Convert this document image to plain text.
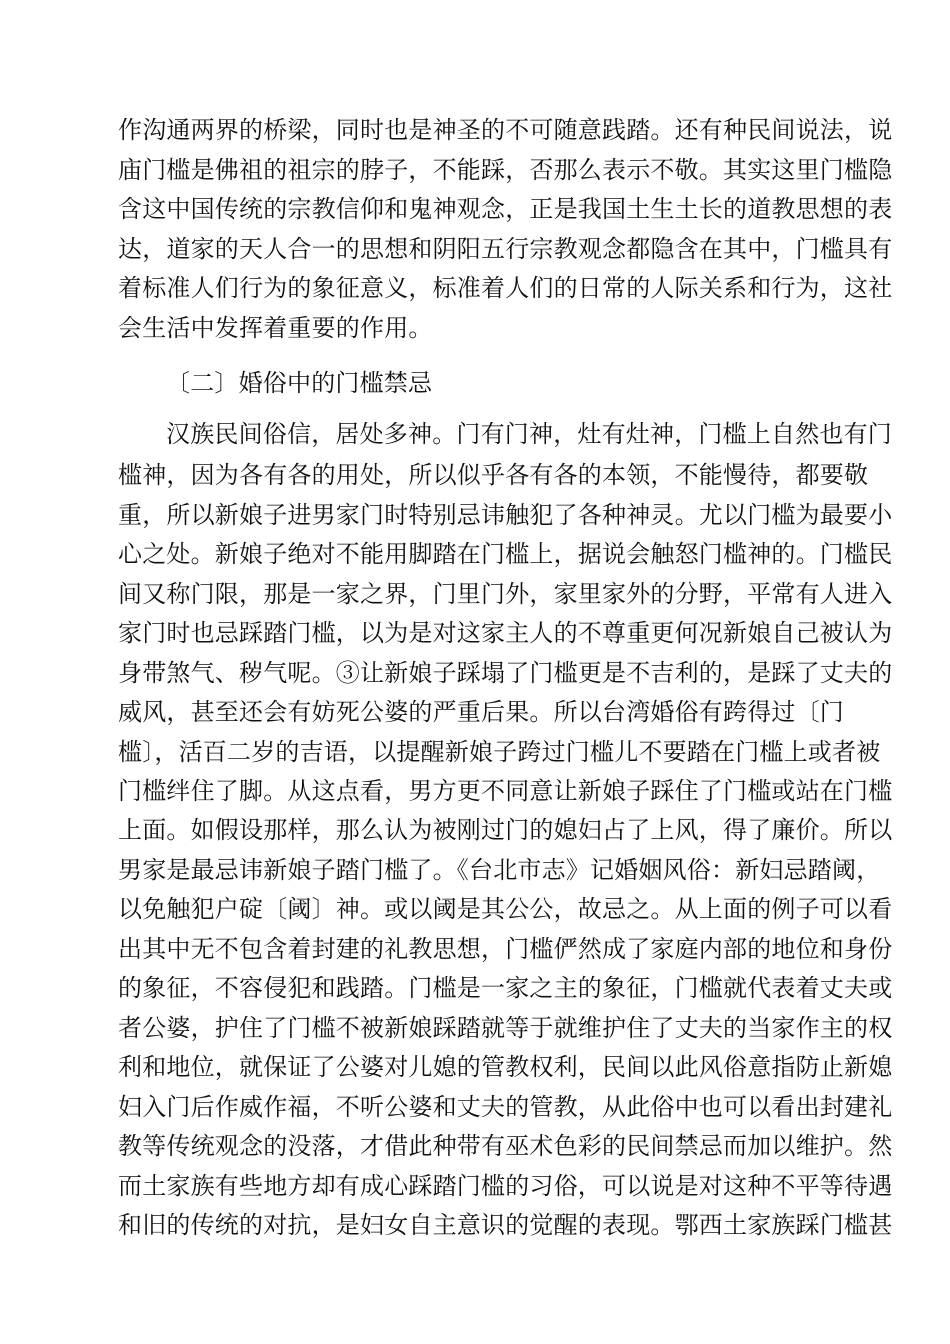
作沟通两界的桥梁，同时也是神圣的不可随意践踏。还有种民间说法，说
庙门槛是佛祖的祖宗的脖子，不能踩，否那么表示不敬。其实这里门槛隐
含这中国传统的宗教信仰和鬼神观念，正是我国土生土长的道教思想的表
达，道家的天人合一的思想和阴阳五行宗教观念都隐含在其中，门槛具有
着标准人们行为的象征意义，标准着人们的日常的人际关系和行为，这社
会生活中发挥着重要的作用。
〔二〕婚俗中的门槛禁忌
汉族民间俗信，居处多神。门有门神，灶有灶神，门槛上自然也有门
槛神，因为各有各的用处，所以似乎各有各的本领，不能慢待，都要敬
重，所以新娘子进男家门时特别忌讳触犯了各种神灵。尤以门槛为最要小
心之处。新娘子绝对不能用脚踏在门槛上，据说会触怒门槛神的。门槛民
间又称门限，那是一家之界，门里门外，家里家外的分野，平常有人进入
家门时也忌踩踏门槛，以为是对这家主人的不尊重更何况新娘自己被认为
身带煞气、秽气呢。③让新娘子踩塌了门槛更是不吉利的，是踩了丈夫的
威风，甚至还会有妨死公婆的严重后果。所以台湾婚俗有跨得过〔门
槛〕，活百二岁的吉语，以提醒新娘子跨过门槛儿不要踏在门槛上或者被
门槛绊住了脚。从这点看，男方更不同意让新娘子踩住了门槛或站在门槛
上面。如假设那样，那么认为被刚过门的媳妇占了上风，得了廉价。所以
男家是最忌讳新娘子踏门槛了。《台北市志》记婚姻风俗：新妇忌踏阈，
以免触犯户碇〔阈〕神。或以阈是其公公，故忌之。从上面的例子可以看
出其中无不包含着封建的礼教思想，门槛俨然成了家庭内部的地位和身份
的象征，不容侵犯和践踏。门槛是一家之主的象征，门槛就代表着丈夫或
者公婆，护住了门槛不被新娘踩踏就等于就维护住了丈夫的当家作主的权
利和地位，就保证了公婆对儿媳的管教权利，民间以此风俗意指防止新媳
妇入门后作威作福，不听公婆和丈夫的管教，从此俗中也可以看出封建礼
教等传统观念的没落，才借此种带有巫术色彩的民间禁忌而加以维护。然
而土家族有些地方却有成心踩踏门槛的习俗，可以说是对这种不平等待遇
和旧的传统的对抗，是妇女自主意识的觉醒的表现。鄂西土家族踩门槛甚
